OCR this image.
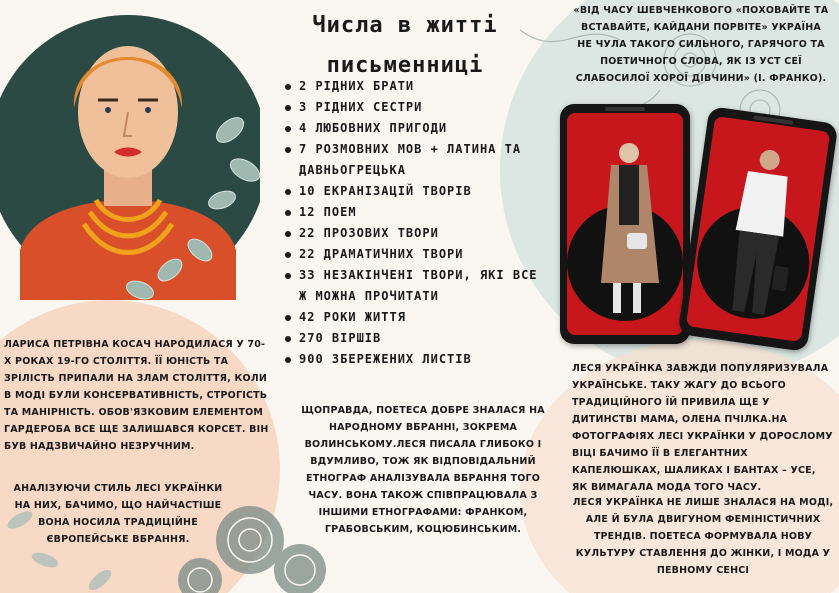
Числа в житті письменниці
2 РІДНИХ БРАТИ
3 РІДНИХ СЕСТРИ
4 ЛЮБОВНИХ ПРИГОДИ
7 РОЗМОВНИХ МОВ + ЛАТИНА ТА ДАВНЬОГРЕЦЬКА
10 ЕКРАНІЗАЦІЙ ТВОРІВ
12 ПОЕМ
22 ПРОЗОВИХ ТВОРИ
22 ДРАМАТИЧНИХ ТВОРИ
33 НЕЗАКІНЧЕНІ ТВОРИ, ЯКІ ВСЕ Ж МОЖНА ПРОЧИТАТИ
42 РОКИ ЖИТТЯ
270 ВІРШІВ
900 ЗБЕРЕЖЕНИХ ЛИСТІВ

«ВІД ЧАСУ ШЕВЧЕНКОВОГО «ПОХОВАЙТЕ ТА ВСТАВАЙТЕ, КАЙДАНИ ПОРВІТЕ» УКРАЇНА НЕ ЧУЛА ТАКОГО СИЛЬНОГО, ГАРЯЧОГО ТА ПОЕТИЧНОГО СЛОВА, ЯК ІЗ УСТ СЕЇ СЛАБОСИЛОЇ ХОРОЇ ДІВЧИНИ» (І. ФРАНКО).

ЛАРИСА ПЕТРІВНА КОСАЧ НАРОДИЛАСЯ У 70-Х РОКАХ 19-ГО СТОЛІТТЯ. ЇЇ ЮНІСТЬ ТА ЗРІЛІСТЬ ПРИПАЛИ НА ЗЛАМ СТОЛІТТЯ, КОЛИ В МОДІ БУЛИ КОНСЕРВАТИВНІСТЬ, СТРОГІСТЬ ТА МАНІРНІСТЬ. ОБОВ'ЯЗКОВИМ ЕЛЕМЕНТОМ ГАРДЕРОБА ВСЕ ЩЕ ЗАЛИШАВСЯ КОРСЕТ. ВІН БУВ НАДЗВИЧАЙНО НЕЗРУЧНИМ.

АНАЛІЗУЮЧИ СТИЛЬ ЛЕСІ УКРАЇНКИ НА НИХ, БАЧИМО, ЩО НАЙЧАСТІШЕ ВОНА НОСИЛА ТРАДИЦІЙНЕ ЄВРОПЕЙСЬКЕ ВБРАННЯ.

ЩОПРАВДА, ПОЕТЕСА ДОБРЕ ЗНАЛАСЯ НА НАРОДНОМУ ВБРАННІ, ЗОКРЕМА ВОЛИНСЬКОМУ.ЛЕСЯ ПИСАЛА ГЛИБОКО І ВДУМЛИВО, ТОЖ ЯК ВІДПОВІДАЛЬНИЙ ЕТНОГРАФ АНАЛІЗУВАЛА ВБРАННЯ ТОГО ЧАСУ. ВОНА ТАКОЖ СПІВПРАЦЮВАЛА З ІНШИМИ ЕТНОГРАФАМИ: ФРАНКОМ, ГРАБОВСЬКИМ, КОЦЮБИНСЬКИМ.

ЛЕСЯ УКРАЇНКА ЗАВЖДИ ПОПУЛЯРИЗУВАЛА УКРАЇНСЬКЕ. ТАКУ ЖАГУ ДО ВСЬОГО ТРАДИЦІЙНОГО ЇЙ ПРИВИЛА ЩЕ У ДИТИНСТВІ МАМА, ОЛЕНА ПЧІЛКА.НА ФОТОГРАФІЯХ ЛЕСІ УКРАЇНКИ У ДОРОСЛОМУ ВІЦІ БАЧИМО ЇЇ В ЕЛЕГАНТНИХ КАПЕЛЮШКАХ, ШАЛИКАХ І БАНТАХ – УСЕ, ЯК ВИМАГАЛА МОДА ТОГО ЧАСУ.

ЛЕСЯ УКРАЇНКА НЕ ЛИШЕ ЗНАЛАСЯ НА МОДІ, АЛЕ Й БУЛА ДВИГУНОМ ФЕМІНІСТИЧНИХ ТРЕНДІВ. ПОЕТЕСА ФОРМУВАЛА НОВУ КУЛЬТУРУ СТАВЛЕННЯ ДО ЖІНКИ, І МОДА У ПЕВНОМУ СЕНСІ
